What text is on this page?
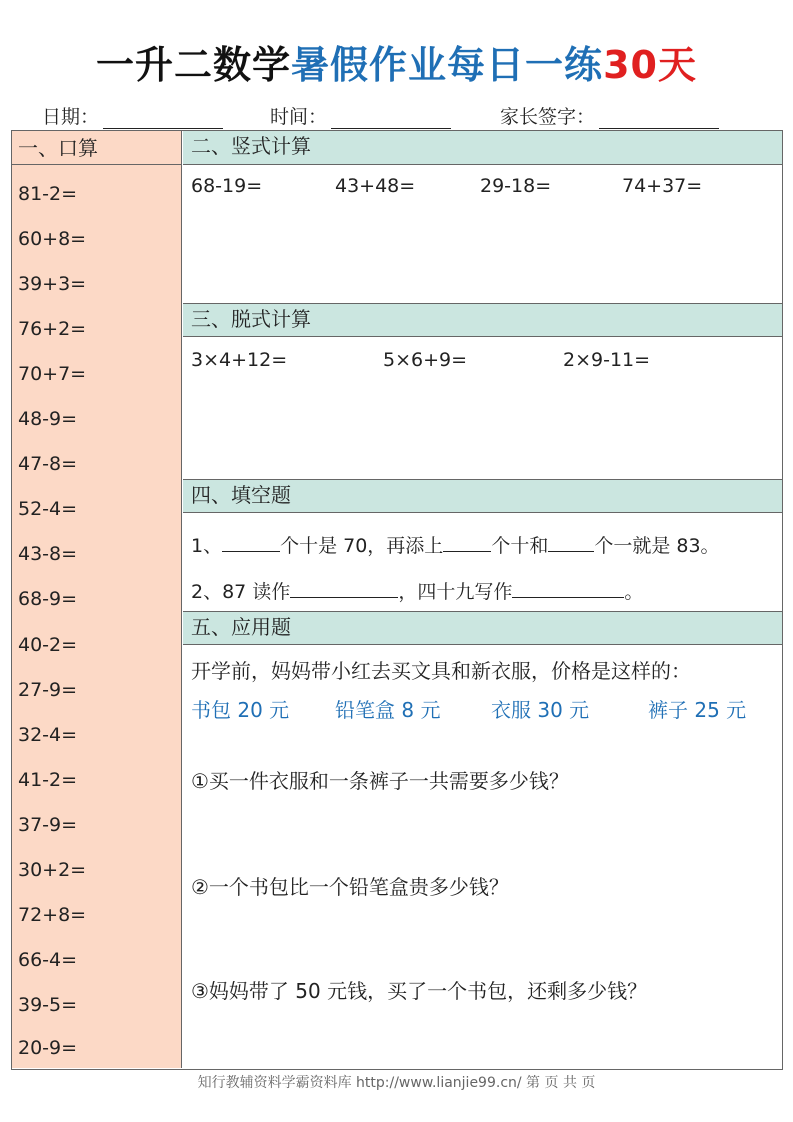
一升二数学暑假作业每日一练30天
日期：	时间：	家长签字：
一、口算
81-2=
60+8=
39+3=
76+2=
70+7=
48-9=
47-8=
52-4=
43-8=
68-9=
40-2=
27-9=
32-4=
41-2=
37-9=
30+2=
72+8=
66-4=
39-5=
20-9=
二、竖式计算
68-19=	43+48=	29-18=	74+37=
三、脱式计算
3×4+12=	5×6+9=	2×9-11=
四、填空题
1、	个十是 70，再添上	个十和 个一就是 83。
2、87 读作	，四十九写作	。
五、应用题
开学前，妈妈带小红去买文具和新衣服，价格是这样的：
书包 20 元 铅笔盒 8 元	衣服 30 元	裤子 25 元
①买一件衣服和一条裤子一共需要多少钱？
②一个书包比一个铅笔盒贵多少钱？
③妈妈带了 50 元钱，买了一个书包，还剩多少钱？
知行教辅资料学霸资料库 http://www.lianjie99.cn/ 第 页 共 页
